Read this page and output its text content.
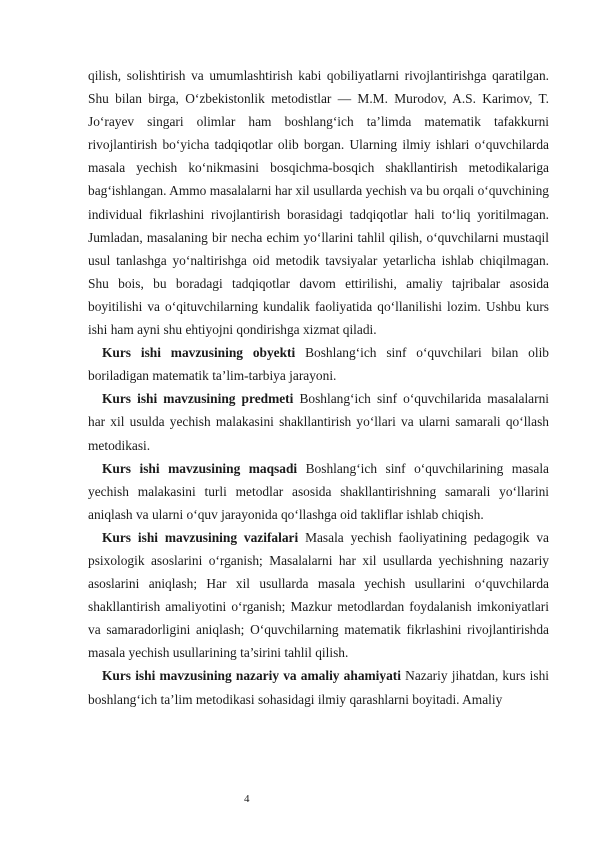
qilish, solishtirish va umumlashtirish kabi qobiliyatlarni rivojlantirishga qaratilgan. Shu bilan birga, O‘zbekistonlik metodistlar — M.M. Murodov, A.S. Karimov, T. Jo‘rayev singari olimlar ham boshlang‘ich ta’limda matematik tafakkurni rivojlantirish bo‘yicha tadqiqotlar olib borgan. Ularning ilmiy ishlari o‘quvchilarda masala yechish ko‘nikmasini bosqichma-bosqich shakllantirish metodikalariga bag‘ishlangan. Ammo masalalarni har xil usullarda yechish va bu orqali o‘quvchining individual fikrlashini rivojlantirish borasidagi tadqiqotlar hali to‘liq yoritilmagan. Jumladan, masalaning bir necha echim yo‘llarini tahlil qilish, o‘quvchilarni mustaqil usul tanlashga yo‘naltirishga oid metodik tavsiyalar yetarlicha ishlab chiqilmagan. Shu bois, bu boradagi tadqiqotlar davom ettirilishi, amaliy tajribalar asosida boyitilishi va o‘qituvchilarning kundalik faoliyatida qo‘llanilishi lozim. Ushbu kurs ishi ham ayni shu ehtiyojni qondirishga xizmat qiladi.

Kurs ishi mavzusining obyekti Boshlang‘ich sinf o‘quvchilari bilan olib boriladigan matematik ta’lim-tarbiya jarayoni.

Kurs ishi mavzusining predmeti Boshlang‘ich sinf o‘quvchilarida masalalarni har xil usulda yechish malakasini shakllantirish yo‘llari va ularni samarali qo‘llash metodikasi.

Kurs ishi mavzusining maqsadi Boshlang‘ich sinf o‘quvchilarining masala yechish malakasini turli metodlar asosida shakllantirishning samarali yo‘llarini aniqlash va ularni o‘quv jarayonida qo‘llashga oid takliflar ishlab chiqish.

Kurs ishi mavzusining vazifalari Masala yechish faoliyatining pedagogik va psixologik asoslarini o‘rganish; Masalalarni har xil usullarda yechishning nazariy asoslarini aniqlash; Har xil usullarda masala yechish usullarini o‘quvchilarda shakllantirish amaliyotini o‘rganish; Mazkur metodlardan foydalanish imkoniyatlari va samaradorligini aniqlash; O‘quvchilarning matematik fikrlashini rivojlantirishda masala yechish usullarining ta’sirini tahlil qilish.

Kurs ishi mavzusining nazariy va amaliy ahamiyati Nazariy jihatdan, kurs ishi boshlang‘ich ta’lim metodikasi sohasidagi ilmiy qarashlarni boyitadi. Amaliy

4
